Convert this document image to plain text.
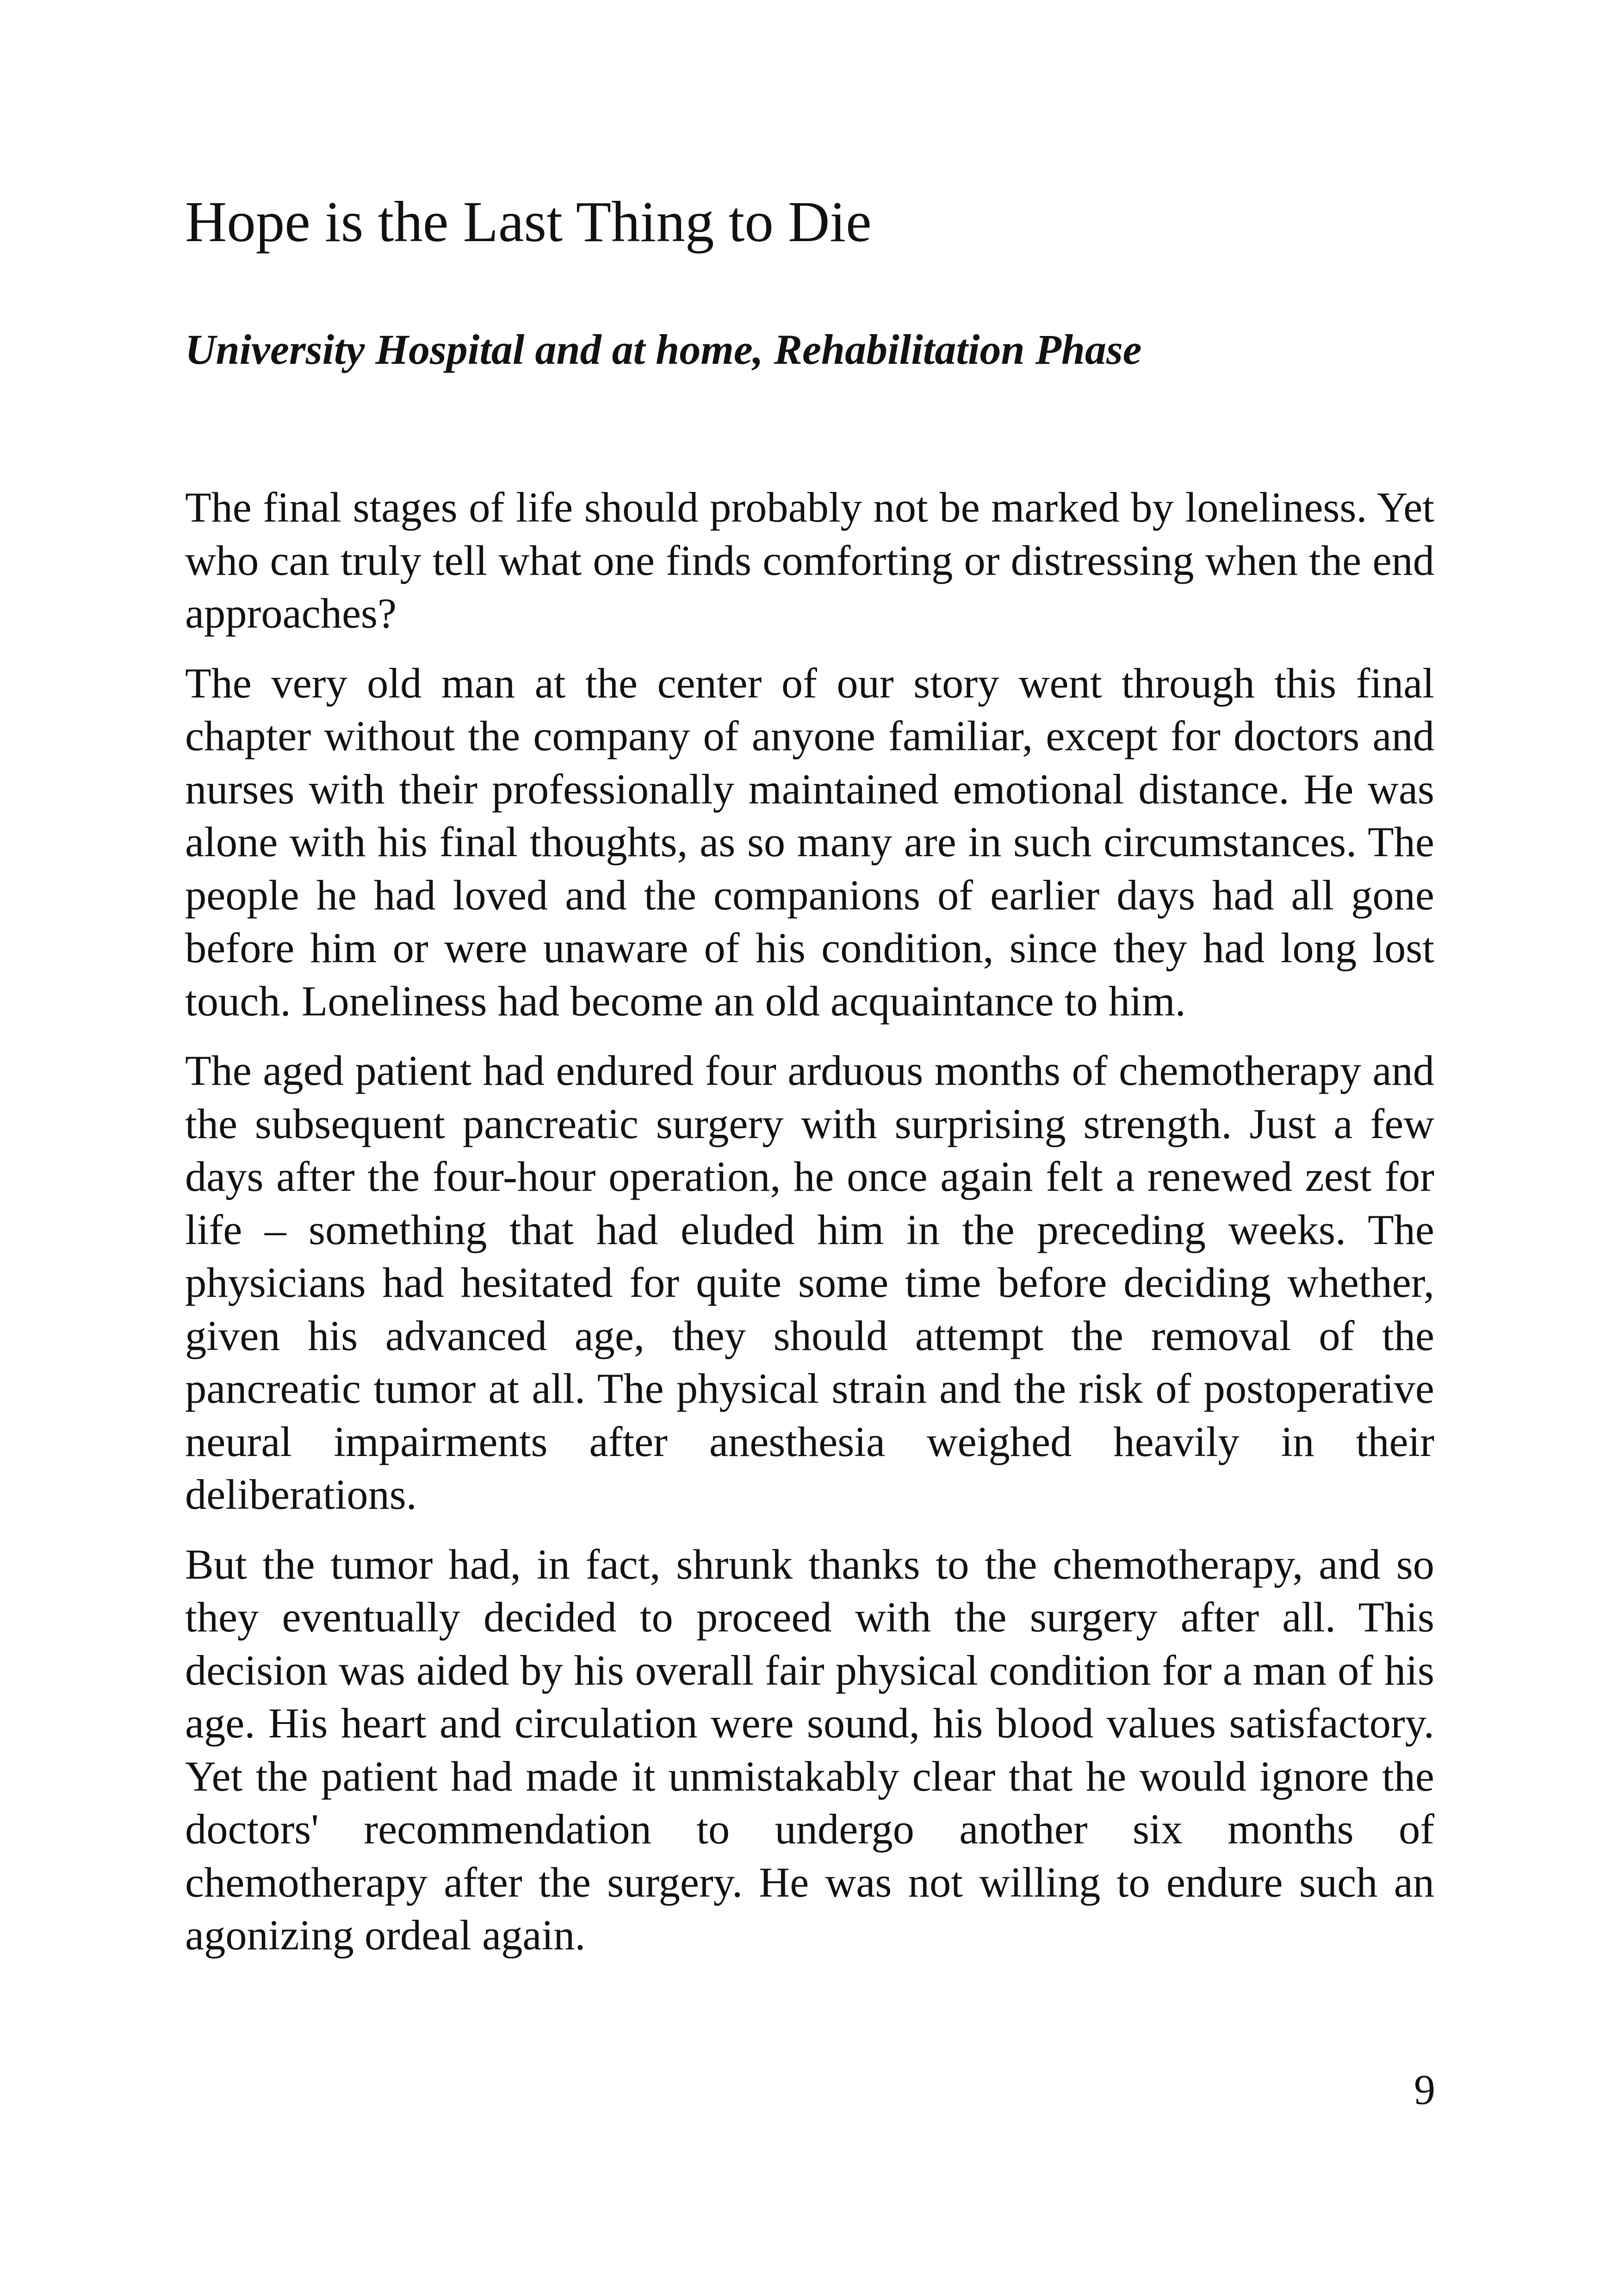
Hope is the Last Thing to Die
University Hospital and at home, Rehabilitation Phase

The final stages of life should probably not be marked by loneliness. Yet who can truly tell what one finds comforting or distressing when the end approaches?

The very old man at the center of our story went through this final chapter without the company of anyone familiar, except for doctors and nurses with their professionally maintained emotional distance. He was alone with his final thoughts, as so many are in such circumstances. The people he had loved and the companions of earlier days had all gone before him or were unaware of his condition, since they had long lost touch. Loneliness had become an old acquaintance to him.

The aged patient had endured four arduous months of chemotherapy and the subsequent pancreatic surgery with surprising strength. Just a few days after the four-hour operation, he once again felt a renewed zest for life – something that had eluded him in the preceding weeks. The physicians had hesitated for quite some time before deciding whether, given his advanced age, they should attempt the removal of the pancreatic tumor at all. The physical strain and the risk of postoperative neural impairments after anesthesia weighed heavily in their deliberations.

But the tumor had, in fact, shrunk thanks to the chemotherapy, and so they eventually decided to proceed with the surgery after all. This decision was aided by his overall fair physical condition for a man of his age. His heart and circulation were sound, his blood values satisfactory. Yet the patient had made it unmistakably clear that he would ignore the doctors' recommendation to undergo another six months of chemotherapy after the surgery. He was not willing to endure such an agonizing ordeal again.

9
